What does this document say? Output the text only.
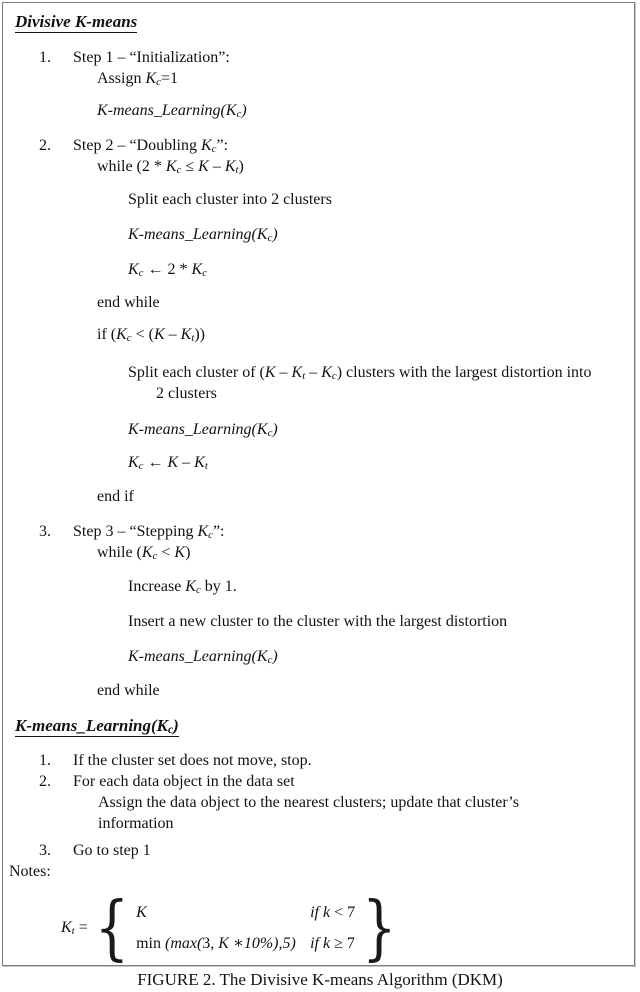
Divisive K-means
1. Step 1 – “Initialization”:
Assign $K_c=1$
$K-means\_Learning(K_c)$
2. Step 2 – “Doubling $K_c$”:
while $(2 * K_c \le K - K_t)$
Split each cluster into 2 clusters
$K-means\_Learning(K_c)$
$K_c$ ← $2 * K_c$
end while
if $(K_c < (K - K_t))$
Split each cluster of $(K - K_t - K_c)$ clusters with the largest distortion into
2 clusters
$K-means\_Learning(K_c)$
$K_c$ ← K – $K_t$
end if
3. Step 3 – “Stepping $K_c$”:
while $(K_c < K)$
Increase $K_c$ by 1.
Insert a new cluster to the cluster with the largest distortion
$K-means\_Learning(K_c)$
end while
$K-means\_Learning(K_c)$
1. If the cluster set does not move, stop.
2. For each data object in the data set
Assign the data object to the nearest clusters; update that cluster’s
information
3. Go to step 1
Notes:
$K_t$ = { K	if k < 7
min (max(3, K ∗10%),5) if k ≥ 7 }
FIGURE 2. The Divisive K-means Algorithm (DKM)
